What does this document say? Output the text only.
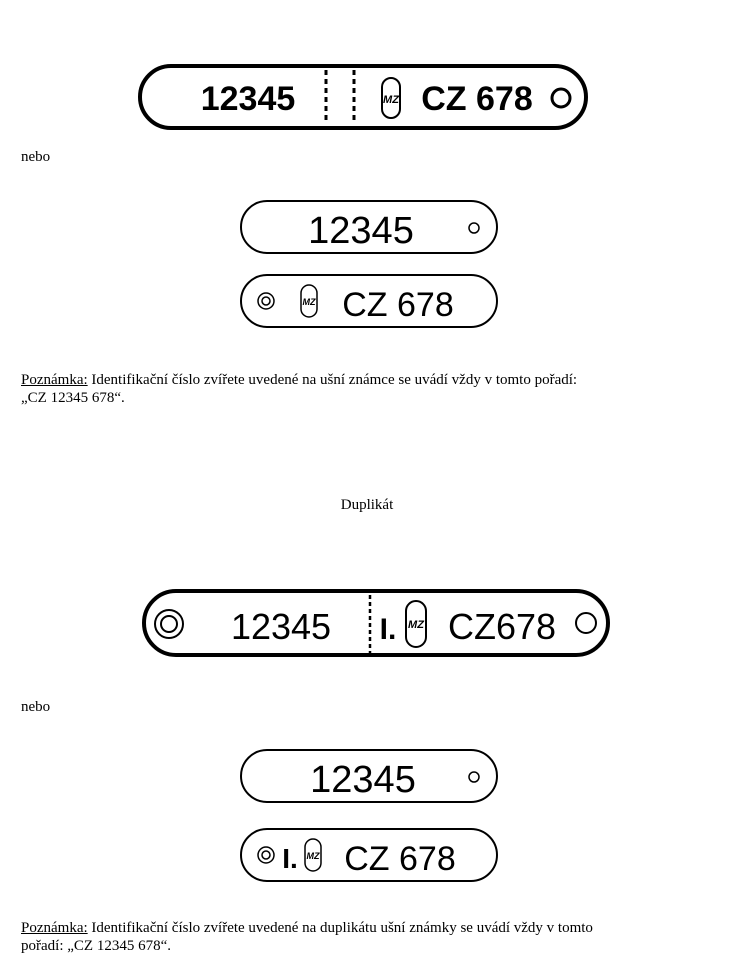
12345	MZ CZ 678
nebo
12345
MZ CZ 678
Poznámka: Identifikační číslo zvířete uvedené na ušní známce se uvádí vždy v tomto pořadí:
„CZ 12345 678“.
Duplikát
12345 I. MZ CZ678
nebo
12345
I. MZ CZ 678
Poznámka: Identifikační číslo zvířete uvedené na duplikátu ušní známky se uvádí vždy v tomto
pořadí: „CZ 12345 678“.
